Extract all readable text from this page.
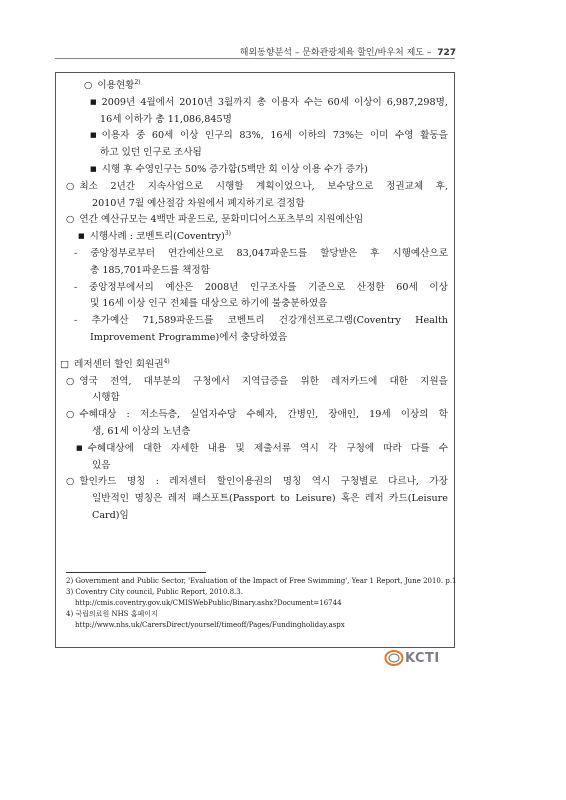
해외동향분석 – 문화관광체육 할인/바우처 제도 – 727
○ 이용현황$^{2)}$
■ 2009년 4월에서 2010년 3월까지 총 이용자 수는 60세 이상이 6,987,298명,
16세 이하가 총 11,086,845명
■ 이용자 중 60세 이상 인구의 83%, 16세 이하의 73%는 이미 수영 활동을
하고 있던 인구로 조사됨
■ 시행 후 수영인구는 50% 증가함(5백만 회 이상 이용 수가 증가)
○ 최소 2년간 지속사업으로 시행할 계획이었으나, 보수당으로 정권교체 후,
2010년 7월 예산절감 차원에서 폐지하기로 결정함
○ 연간 예산규모는 4백만 파운드로, 문화미디어스포츠부의 지원예산임
■ 시행사례 : 코벤트리(Coventry)$^{3)}$
- 중앙정부로부터 연간예산으로 83,047파운드를 할당받은 후 시행예산으로
총 185,701파운드를 책정함
- 중앙정부에서의 예산은 2008년 인구조사를 기준으로 산정한 60세 이상
및 16세 이상 인구 전체를 대상으로 하기에 불충분하였음
- 추가예산 71,589파운드를 코벤트리 건강개선프로그램(Coventry Health
Improvement Programme)에서 충당하였음
□ 레저센터 할인 회원권$^{4)}$
○ 영국 전역, 대부분의 구청에서 지역급증을 위한 레저카드에 대한 지원을
시행함
○ 수혜대상 : 저소득층, 실업자수당 수혜자, 간병인, 장애인, 19세 이상의 학
생, 61세 이상의 노년층
■ 수혜대상에 대한 자세한 내용 및 제출서류 역시 각 구청에 따라 다를 수
있음
○ 할인카드 명칭 : 레저센터 할인이용권의 명칭 역시 구청별로 다르나, 가장
일반적인 명칭은 레저 패스포트(Passport to Leisure) 혹은 레저 카드(Leisure
Card)임
2) Government and Public Sector, 'Evaluation of the Impact of Free Swimming', Year 1 Report, June 2010. p.1
3) Coventry City council, Public Report, 2010.8.3.
http://cmis.coventry.gov.uk/CMISWebPublic/Binary.ashx?Document=16744
4) 국립의료원 NHS 홈페이지
http://www.nhs.uk/CarersDirect/yourself/timeoff/Pages/Fundingholiday.aspx
KCTI
